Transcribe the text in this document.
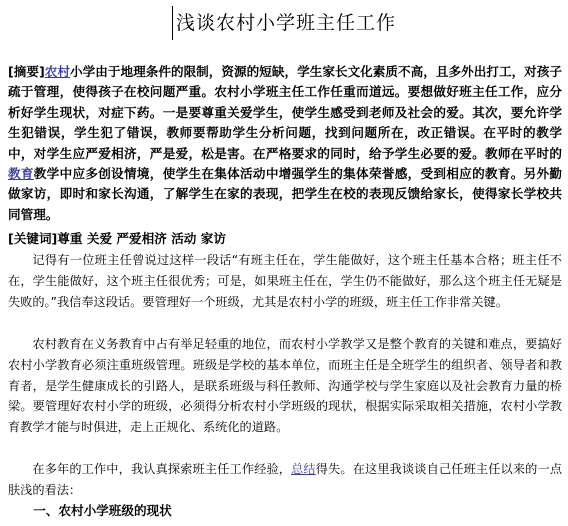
浅谈农村小学班主任工作

[摘要]农村小学由于地理条件的限制，资源的短缺，学生家长文化素质不高，且多外出打工，对孩子疏于管理，使得孩子在校问题严重。农村小学班主任工作任重而道远。要想做好班主任工作，应分析好学生现状，对症下药。一是要尊重关爱学生，使学生感受到老师及社会的爱。其次，要允许学生犯错误，学生犯了错误，教师要帮助学生分析问题，找到问题所在，改正错误。在平时的教学中，对学生应严爱相济，严是爱，松是害。在严格要求的同时，给予学生必要的爱。教师在平时的教育教学中应多创设情境，使学生在集体活动中增强学生的集体荣誉感，受到相应的教育。另外勤做家访，即时和家长沟通，了解学生在家的表现，把学生在校的表现反馈给家长，使得家长学校共同管理。

[关键词]尊重 关爱 严爱相济 活动 家访

记得有一位班主任曾说过这样一段话“有班主任在，学生能做好，这个班主任基本合格；班主任不在，学生能做好，这个班主任很优秀；可是，如果班主任在，学生仍不能做好，那么这个班主任无疑是失败的。”我信奉这段话。要管理好一个班级，尤其是农村小学的班级，班主任工作非常关键。

农村教育在义务教育中占有举足轻重的地位，而农村小学教学又是整个教育的关键和难点，要搞好农村小学教育必须注重班级管理。班级是学校的基本单位，而班主任是全班学生的组织者、领导者和教育者，是学生健康成长的引路人，是联系班级与科任教师、沟通学校与学生家庭以及社会教育力量的桥梁。要管理好农村小学的班级，必须得分析农村小学班级的现状，根据实际采取相关措施，农村小学教育教学才能与时俱进，走上正规化、系统化的道路。

在多年的工作中，我认真探索班主任工作经验，总结得失。在这里我谈谈自己任班主任以来的一点肤浅的看法：

一、农村小学班级的现状
